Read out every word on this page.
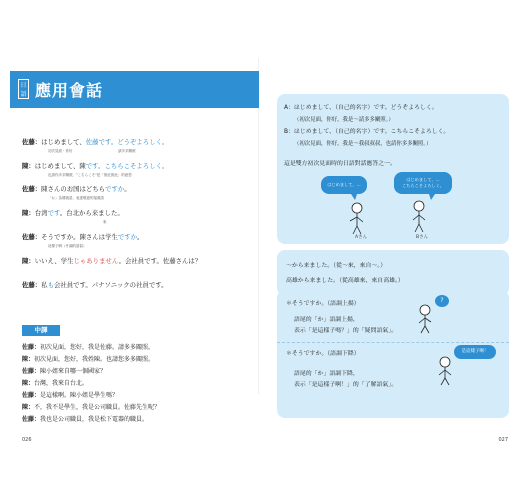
日語 應用會話
佐藤：はじめまして、佐藤です。どうぞよろしく。
初次見面・你好　　　　　　　　　　　　　請多多關照
陳：はじめまして、陳です。こちらこそよろしく。
也請你多多關照，"こちらこそ"是「彼此彼此」的意思
佐藤：陳さんのお国はどちらですか。
「お」為禮貌語，表達敬意的接頭語
陳：台湾です。台北から来ました。
來
佐藤：そうですか。陳さんは学生ですか。
這樣子啊（升調的語氣）
陳：いいえ、学生じゃありません。会社員です。佐藤さんは？
佐藤：私も会社員です。パナソニックの社員です。
中譯
佐藤：初次見面，您好，我是佐藤。請多多關照。
陳：初次見面，您好，我姓陳。也請您多多關照。
佐藤：陳小姐來自哪一個國家？
陳：台灣，我來自台北。
佐藤：是這樣啊。陳小姐是學生嗎？
陳：不，我不是學生，我是公司職員。佐藤先生呢？
佐藤：我也是公司職員，我是松下電器的職員。
026
A：はじめまして、（自己的名字）です。どうぞよろしく。
（初次見面，你好，我是～請多多關照。）
B：はじめまして、（自己的名字）です。こちらこそよろしく。
（初次見面，你好，我是～我叔叔叔，也請你多多關照。）
這是雙方初次見面時的日語對話應答之一。
はじめまして、…
はじめまして、…
こちらこそよろしく。
Aさん	Bさん
～から来ました。（從～來，來自～。）
高雄から来ました。（從高雄來，來自高雄。）
＊そうですか。（語調上揚）
語尾的「か」語調上揚，
表示「是這樣子嗎？」的「疑問語氣」。
＊そうですか。（語調下降）
語尾的「か」語調下降，
表示「是這樣子啊！」的「了解語氣」。
?
是這樣子啊！
027
